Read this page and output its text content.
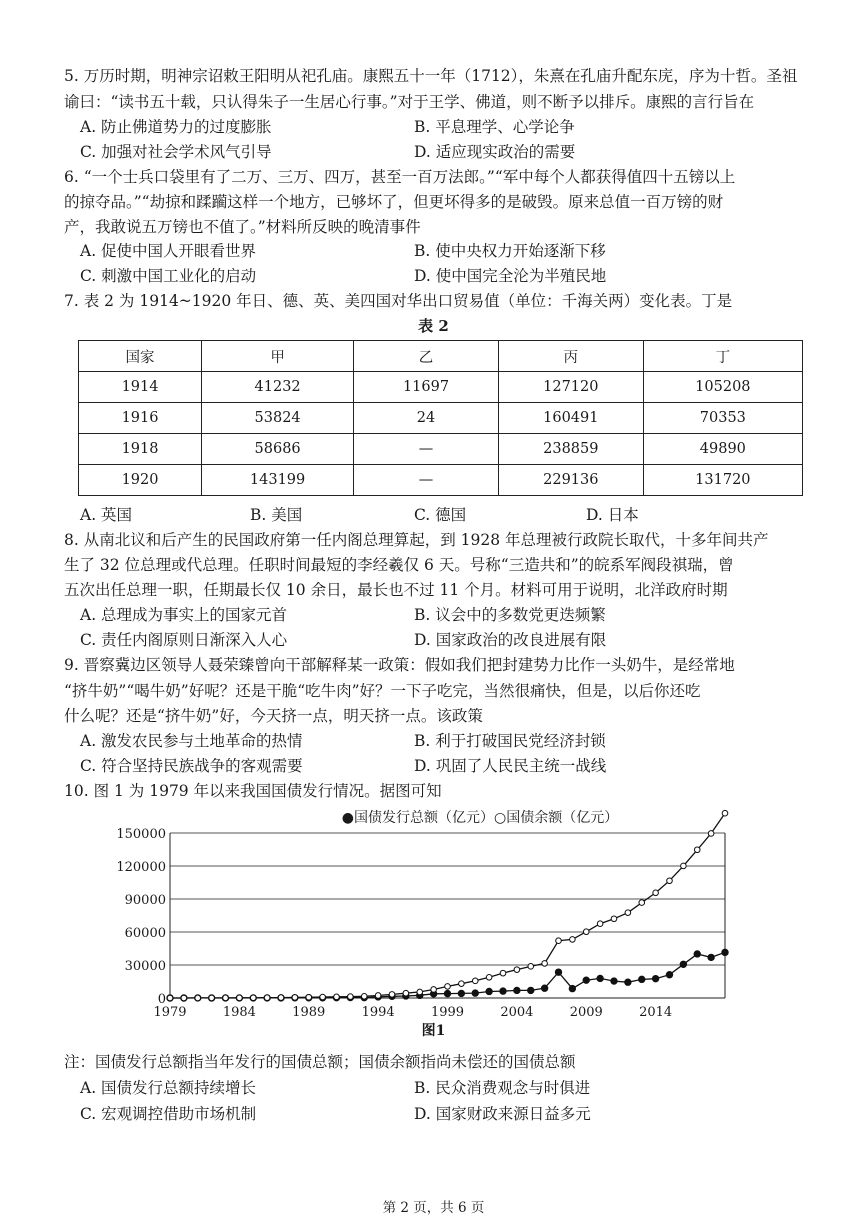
5. 万历时期，明神宗诏敕王阳明从祀孔庙。康熙五十一年（1712），朱熹在孔庙升配东庑，序为十哲。圣祖
谕曰：“读书五十载，只认得朱子一生居心行事。”对于王学、佛道，则不断予以排斥。康熙的言行旨在
A. 防止佛道势力的过度膨胀	B. 平息理学、心学论争
C. 加强对社会学术风气引导	D. 适应现实政治的需要
6. “一个士兵口袋里有了二万、三万、四万，甚至一百万法郎。”“军中每个人都获得值四十五镑以上
的掠夺品。”“劫掠和蹂躏这样一个地方，已够坏了，但更坏得多的是破毁。原来总值一百万镑的财
产，我敢说五万镑也不值了。”材料所反映的晚清事件
A. 促使中国人开眼看世界	B. 使中央权力开始逐渐下移
C. 刺激中国工业化的启动	D. 使中国完全沦为半殖民地
7. 表 2 为 1914~1920 年日、德、英、美四国对华出口贸易值（单位：千海关两）变化表。丁是
表 2
国家	甲	乙	丙	丁
1914	41232	11697	127120	105208
1916	53824	24	160491	70353
1918	58686	—	238859	49890
1920	143199	—	229136	131720
A. 英国	B. 美国	C. 德国	D. 日本
8. 从南北议和后产生的民国政府第一任内阁总理算起，到 1928 年总理被行政院长取代，十多年间共产
生了 32 位总理或代总理。任职时间最短的李经羲仅 6 天。号称“三造共和”的皖系军阀段祺瑞，曾
五次出任总理一职，任期最长仅 10 余日，最长也不过 11 个月。材料可用于说明，北洋政府时期
A. 总理成为事实上的国家元首	B. 议会中的多数党更迭频繁
C. 责任内阁原则日渐深入人心	D. 国家政治的改良进展有限
9. 晋察冀边区领导人聂荣臻曾向干部解释某一政策：假如我们把封建势力比作一头奶牛，是经常地
“挤牛奶”“喝牛奶”好呢？还是干脆“吃牛肉”好？一下子吃完，当然很痛快，但是，以后你还吃
什么呢？还是“挤牛奶”好，今天挤一点，明天挤一点。该政策
A. 激发农民参与土地革命的热情	B. 利于打破国民党经济封锁
C. 符合坚持民族战争的客观需要	D. 巩固了人民民主统一战线
10. 图 1 为 1979 年以来我国国债发行情况。据图可知
●国债发行总额（亿元）○国债余额（亿元）
0
30000
60000
90000
120000
150000
1979	1984	1989	1994	1999	2004	2009	2014
图1
注：国债发行总额指当年发行的国债总额；国债余额指尚未偿还的国债总额
A. 国债发行总额持续增长	B. 民众消费观念与时俱进
C. 宏观调控借助市场机制	D. 国家财政来源日益多元
第 2 页，共 6 页
